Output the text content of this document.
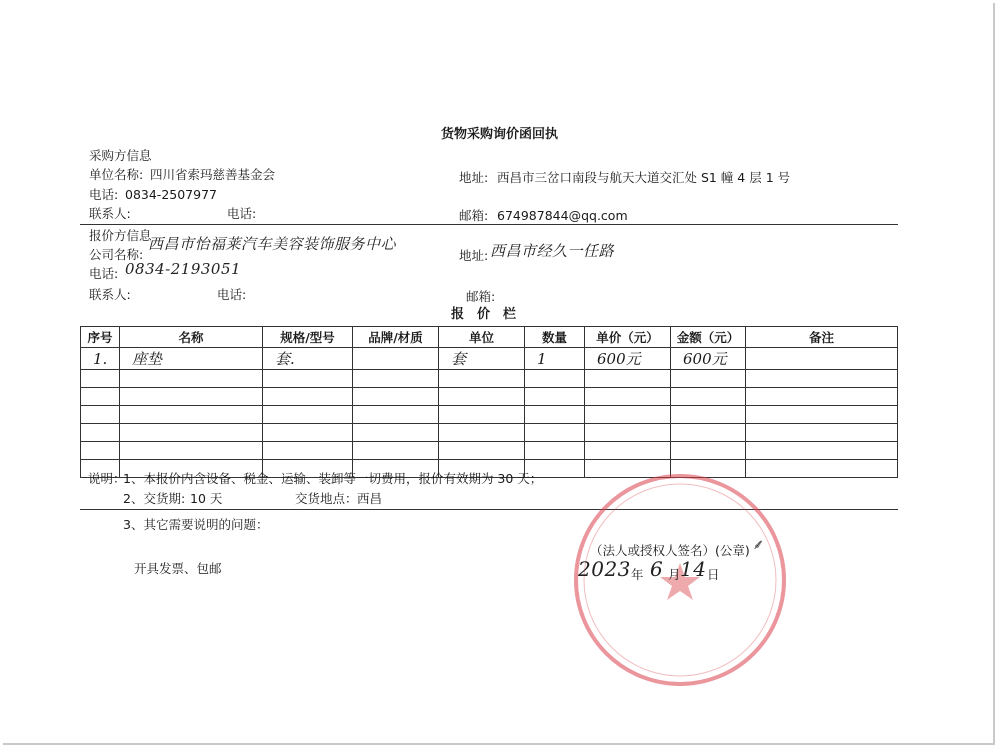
货物采购询价函回执
采购方信息
单位名称: 四川省索玛慈善基金会	地址: 西昌市三岔口南段与航天大道交汇处 S1 幢 4 层 1 号
电话: 0834-2507977
联系人:	电话:	邮箱: 674987844@qq.com
报价方信息
公司名称:
西昌市怡福莱汽车美容装饰服务中心
地址: 西昌市经久一任路
电话: 0834-2193051
联系人:	电话:	邮箱:
报　价　栏
序号	名称	规格/型号	品牌/材质	单位	数量	单价（元）	金额（元）	备注
1.	座垫	套.		套	1	600元	600元	

说明：
1、本报价内含设备、税金、运输、装卸等一切费用，报价有效期为 30 天；
2、交货期: 10 天	交货地点： 西昌
3、其它需要说明的问题：
开具发票、包邮
（法人或授权人签名）(公章) ⸙
2023 年 6 月 14 日
